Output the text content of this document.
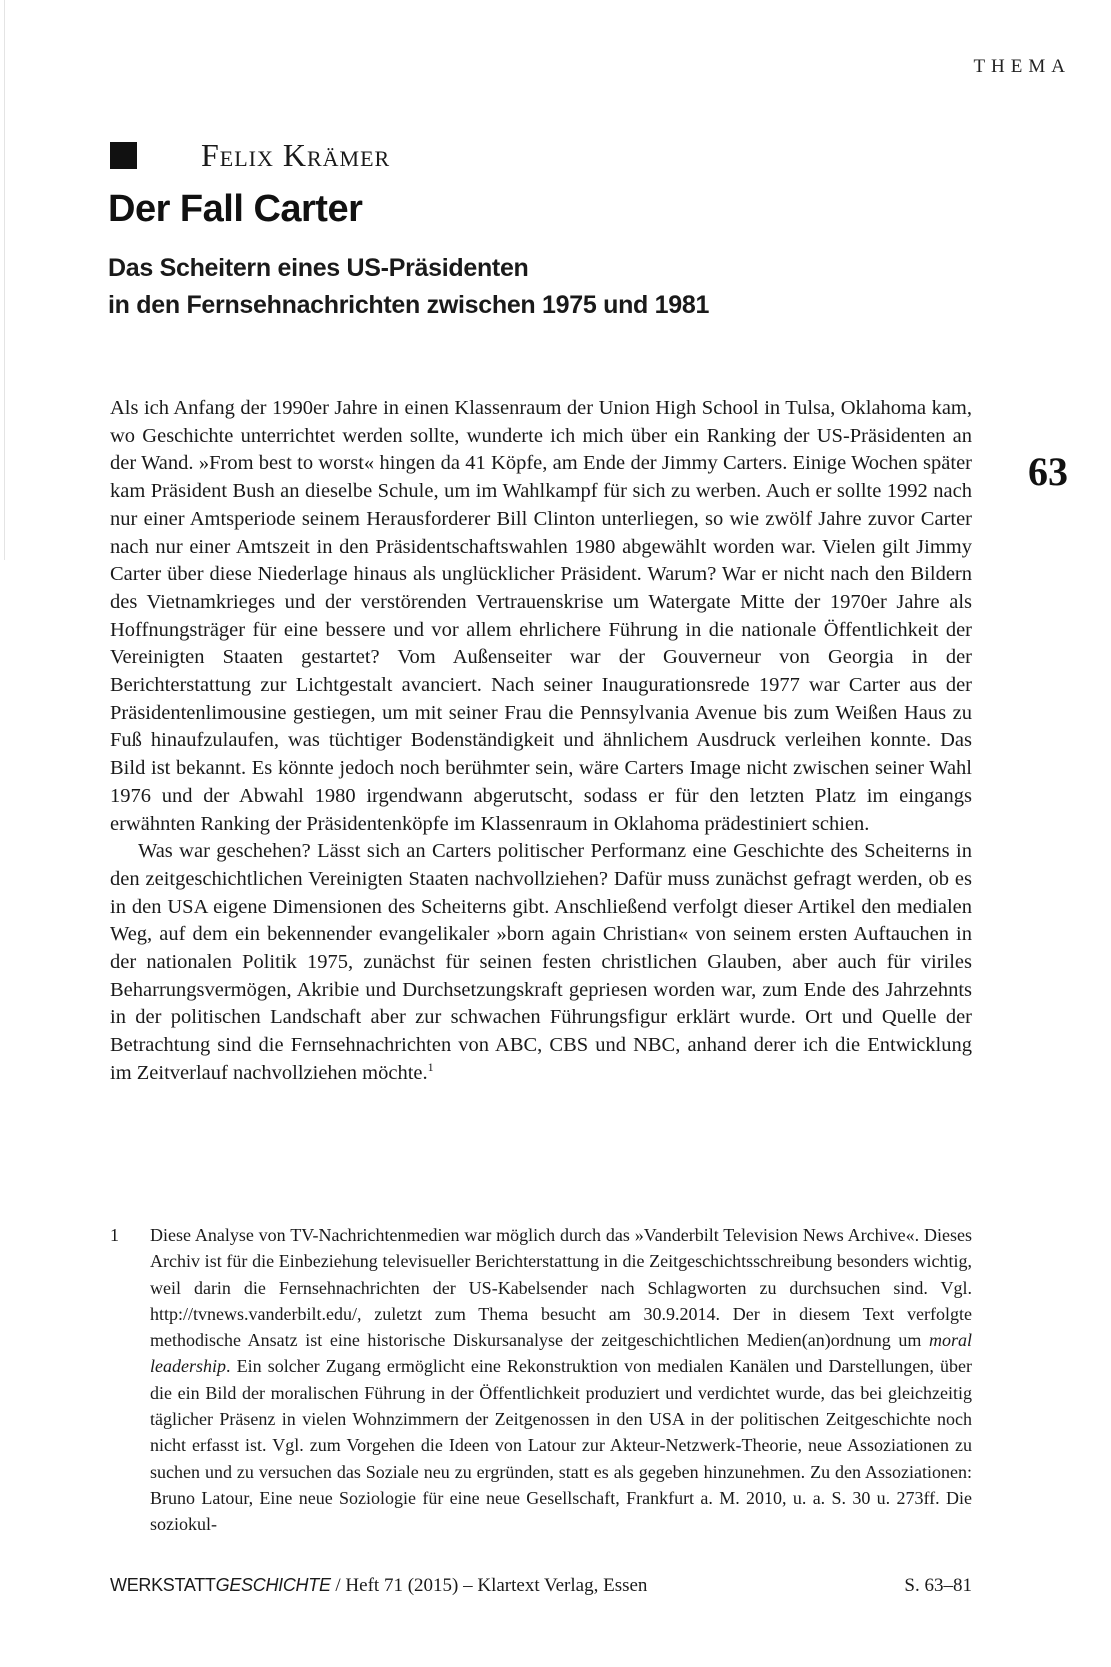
THEMA
Felix Krämer
Der Fall Carter
Das Scheitern eines US-Präsidenten
in den Fernsehnachrichten zwischen 1975 und 1981
63

Als ich Anfang der 1990er Jahre in einen Klassenraum der Union High School in Tulsa, Oklahoma kam, wo Geschichte unterrichtet werden sollte, wunderte ich mich über ein Ranking der US-Präsidenten an der Wand. »From best to worst« hingen da 41 Köpfe, am Ende der Jimmy Carters. Einige Wochen später kam Präsident Bush an dieselbe Schule, um im Wahlkampf für sich zu werben. Auch er sollte 1992 nach nur einer Amtsperiode seinem Herausforderer Bill Clinton unterliegen, so wie zwölf Jahre zuvor Carter nach nur einer Amtszeit in den Präsidentschaftswahlen 1980 abgewählt worden war. Vielen gilt Jimmy Carter über diese Niederlage hinaus als unglücklicher Präsident. Warum? War er nicht nach den Bildern des Vietnamkrieges und der verstörenden Vertrauenskrise um Watergate Mitte der 1970er Jahre als Hoffnungsträger für eine bessere und vor allem ehrlichere Führung in die nationale Öffentlichkeit der Vereinigten Staaten gestartet? Vom Außenseiter war der Gouverneur von Georgia in der Berichterstattung zur Lichtgestalt avanciert. Nach seiner Inaugurationsrede 1977 war Carter aus der Präsidentenlimousine gestiegen, um mit seiner Frau die Pennsylvania Avenue bis zum Weißen Haus zu Fuß hinaufzulaufen, was tüchtiger Bodenständigkeit und ähnlichem Ausdruck verleihen konnte. Das Bild ist bekannt. Es könnte jedoch noch berühmter sein, wäre Carters Image nicht zwischen seiner Wahl 1976 und der Abwahl 1980 irgendwann abgerutscht, sodass er für den letzten Platz im eingangs erwähnten Ranking der Präsidentenköpfe im Klassenraum in Oklahoma prädestiniert schien.

Was war geschehen? Lässt sich an Carters politischer Performanz eine Geschichte des Scheiterns in den zeitgeschichtlichen Vereinigten Staaten nachvollziehen? Dafür muss zunächst gefragt werden, ob es in den USA eigene Dimensionen des Scheiterns gibt. Anschließend verfolgt dieser Artikel den medialen Weg, auf dem ein bekennender evangelikaler »born again Christian« von seinem ersten Auftauchen in der nationalen Politik 1975, zunächst für seinen festen christlichen Glauben, aber auch für viriles Beharrungsvermögen, Akribie und Durchsetzungskraft gepriesen worden war, zum Ende des Jahrzehnts in der politischen Landschaft aber zur schwachen Führungsfigur erklärt wurde. Ort und Quelle der Betrachtung sind die Fernsehnachrichten von ABC, CBS und NBC, anhand derer ich die Entwicklung im Zeitverlauf nachvollziehen möchte.$^1$

1	Diese Analyse von TV-Nachrichtenmedien war möglich durch das »Vanderbilt Television News Archive«. Dieses Archiv ist für die Einbeziehung televisueller Berichterstattung in die Zeitgeschichtsschreibung besonders wichtig, weil darin die Fernsehnachrichten der US-Kabelsender nach Schlagworten zu durchsuchen sind. Vgl. http://tvnews.vanderbilt.edu/, zuletzt zum Thema besucht am 30.9.2014. Der in diesem Text verfolgte methodische Ansatz ist eine historische Diskursanalyse der zeitgeschichtlichen Medien(an)ordnung um moral leadership. Ein solcher Zugang ermöglicht eine Rekonstruktion von medialen Kanälen und Darstellungen, über die ein Bild der moralischen Führung in der Öffentlichkeit produziert und verdichtet wurde, das bei gleichzeitig täglicher Präsenz in vielen Wohnzimmern der Zeitgenossen in den USA in der politischen Zeitgeschichte noch nicht erfasst ist. Vgl. zum Vorgehen die Ideen von Latour zur Akteur-Netzwerk-Theorie, neue Assoziationen zu suchen und zu versuchen das Soziale neu zu ergründen, statt es als gegeben hinzunehmen. Zu den Assoziationen: Bruno Latour, Eine neue Soziologie für eine neue Gesellschaft, Frankfurt a. M. 2010, u. a. S. 30 u. 273ff. Die soziokul-
WERKSTATTGESCHICHTE / Heft 71 (2015) – Klartext Verlag, Essen	S. 63–81
